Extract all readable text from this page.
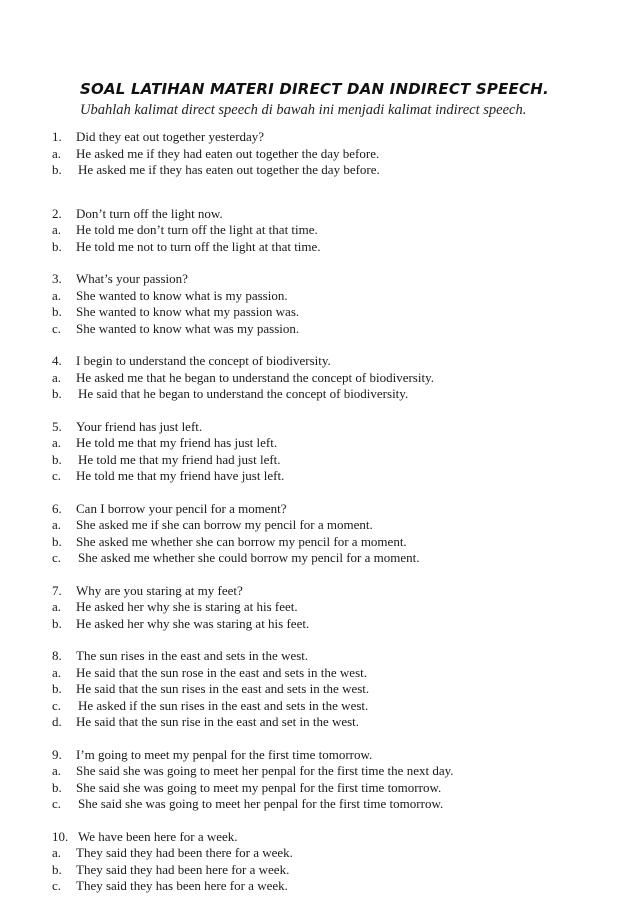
SOAL LATIHAN MATERI DIRECT DAN INDIRECT SPEECH.
Ubahlah kalimat direct speech di bawah ini menjadi kalimat indirect speech.
1.	Did they eat out together yesterday?
a.	He asked me if they had eaten out together the day before.
b.	He asked me if they has eaten out together the day before.
2.	Don’t turn off the light now.
a.	He told me don’t turn off the light at that time.
b.	He told me not to turn off the light at that time.
3.	What’s your passion?
a.	She wanted to know what is my passion.
b.	She wanted to know what my passion was.
c.	She wanted to know what was my passion.
4.	I begin to understand the concept of biodiversity.
a.	He asked me that he began to understand the concept of biodiversity.
b.	He said that he began to understand the concept of biodiversity.
5.	Your friend has just left.
a.	He told me that my friend has just left.
b.	He told me that my friend had just left.
c.	He told me that my friend have just left.
6.	Can I borrow your pencil for a moment?
a.	She asked me if she can borrow my pencil for a moment.
b.	She asked me whether she can borrow my pencil for a moment.
c.	She asked me whether she could borrow my pencil for a moment.
7.	Why are you staring at my feet?
a.	He asked her why she is staring at his feet.
b.	He asked her why she was staring at his feet.
8.	The sun rises in the east and sets in the west.
a.	He said that the sun rose in the east and sets in the west.
b.	He said that the sun rises in the east and sets in the west.
c.	He asked if the sun rises in the east and sets in the west.
d.	He said that the sun rise in the east and set in the west.
9.	I’m going to meet my penpal for the first time tomorrow.
a.	She said she was going to meet her penpal for the first time the next day.
b.	She said she was going to meet my penpal for the first time tomorrow.
c.	She said she was going to meet her penpal for the first time tomorrow.
10. We have been here for a week.
a.	They said they had been there for a week.
b.	They said they had been here for a week.
c.	They said they has been here for a week.
